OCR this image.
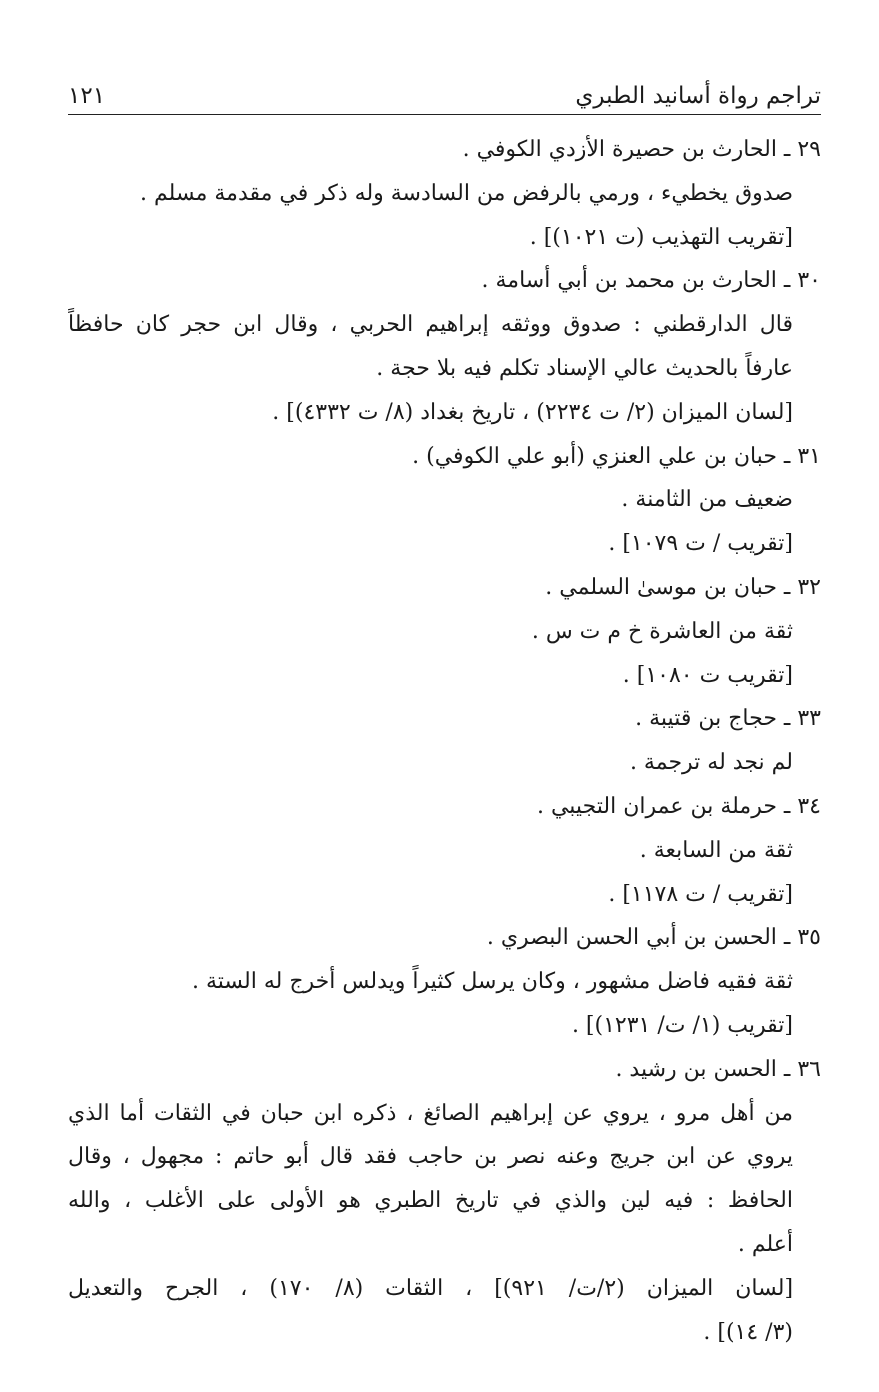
تراجم رواة أسانيد الطبري
١٢١
٢٩ ـ الحارث بن حصيرة الأزدي الكوفي .
صدوق يخطيء ، ورمي بالرفض من السادسة وله ذكر في مقدمة مسلم .
[تقريب التهذيب (ت ١٠٢١)] .
٣٠ ـ الحارث بن محمد بن أبي أسامة .
قال الدارقطني : صدوق ووثقه إبراهيم الحربي ، وقال ابن حجر كان حافظاً
عارفاً بالحديث عالي الإسناد تكلم فيه بلا حجة .
[لسان الميزان (٢/ ت ٢٢٣٤) ، تاريخ بغداد (٨/ ت ٤٣٣٢)] .
٣١ ـ حبان بن علي العنزي (أبو علي الكوفي) .
ضعيف من الثامنة .
[تقريب / ت ١٠٧٩] .
٣٢ ـ حبان بن موسىٰ السلمي .
ثقة من العاشرة خ م ت س .
[تقريب ت ١٠٨٠] .
٣٣ ـ حجاج بن قتيبة .
لم نجد له ترجمة .
٣٤ ـ حرملة بن عمران التجيبي .
ثقة من السابعة .
[تقريب / ت ١١٧٨] .
٣٥ ـ الحسن بن أبي الحسن البصري .
ثقة فقيه فاضل مشهور ، وكان يرسل كثيراً ويدلس أخرج له الستة .
[تقريب (١/ ت/ ١٢٣١)] .
٣٦ ـ الحسن بن رشيد .
من أهل مرو ، يروي عن إبراهيم الصائغ ، ذكره ابن حبان في الثقات أما الذي
يروي عن ابن جريج وعنه نصر بن حاجب فقد قال أبو حاتم : مجهول ، وقال
الحافظ : فيه لين والذي في تاريخ الطبري هو الأولى على الأغلب ، والله
أعلم .
[لسان الميزان (٢/ت/ ٩٢١)] ، الثقات (٨/ ١٧٠) ، الجرح والتعديل
(٣/ ١٤)] .
